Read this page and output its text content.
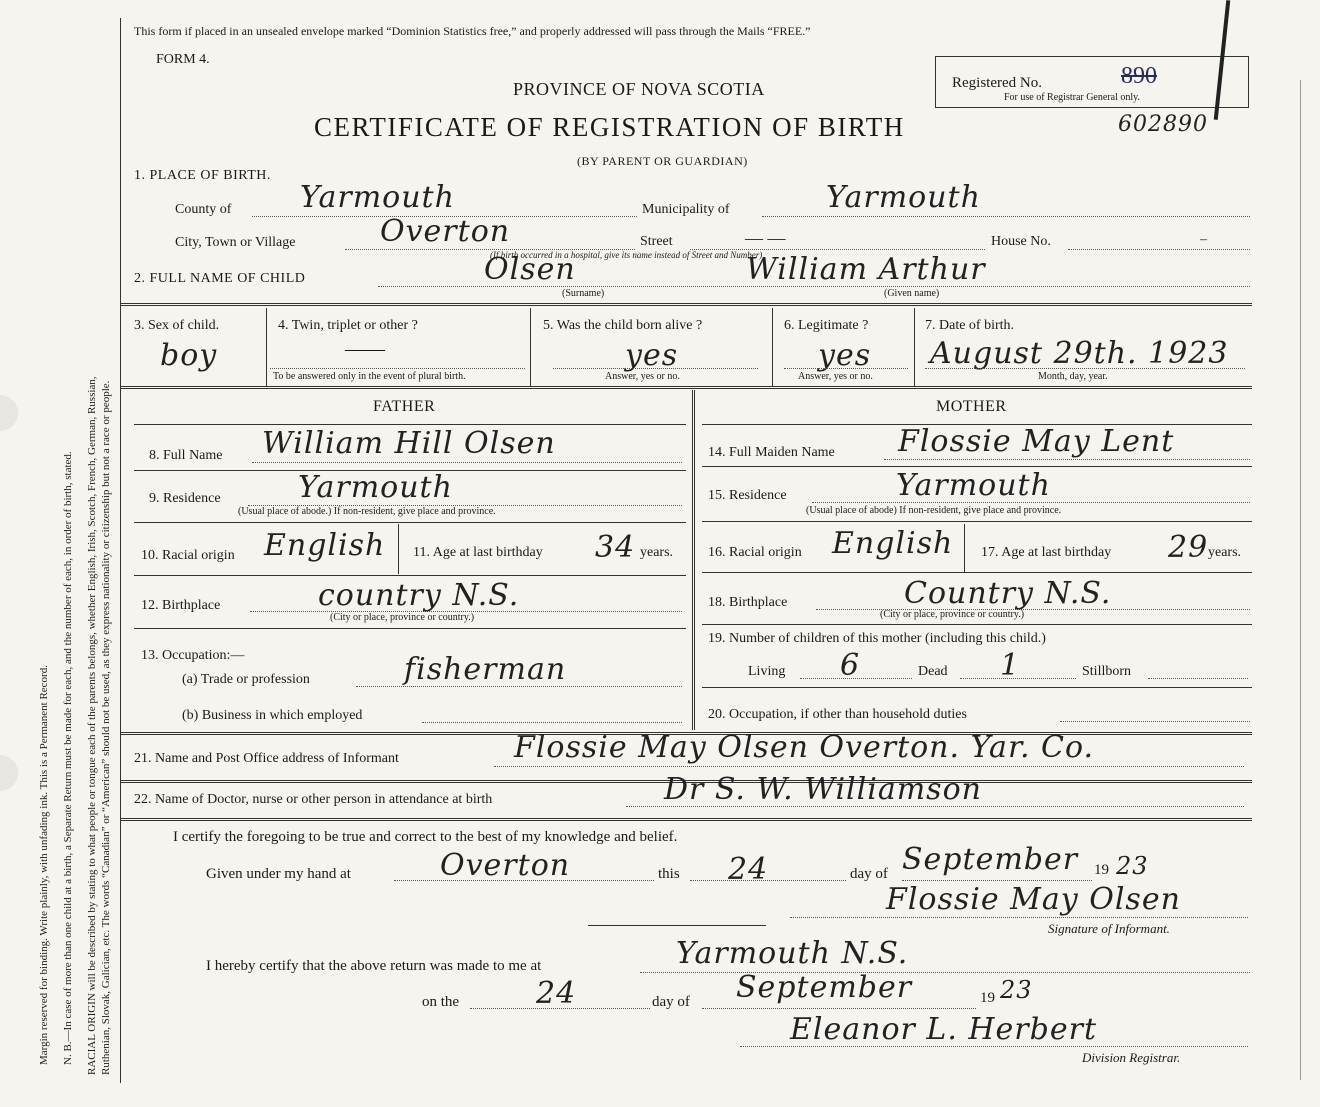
RACIAL ORIGIN will be described by stating to what people or tongue each of the parents belongs, whether English, Irish, Scotch, French, German, Russian, Ruthenian, Slovak, Galician, etc. The words “Canadian” or “American” should not be used, as they express nationality or citizenship but not a race or people.
N. B.—In case of more than one child at a birth, a Separate Return must be made for each, and the number of each, in order of birth, stated.
Margin reserved for binding. Write plainly, with unfading ink. This is a Permanent Record.
This form if placed in an unsealed envelope marked “Dominion Statistics free,” and properly addressed will pass through the Mails “FREE.”
FORM 4.
PROVINCE OF NOVA SCOTIA
CERTIFICATE OF REGISTRATION OF BIRTH
(BY PARENT OR GUARDIAN)
Registered No.	890
For use of Registrar General only.
602890
1. PLACE OF BIRTH.
County of Yarmouth	Municipality of	Yarmouth
City, Town or Village	Overton	Street	— —	House No.	–
(If birth occurred in a hospital, give its name instead of Street and Number)
2. FULL NAME OF CHILD	Olsen	William Arthur
(Surname)	(Given name)
3. Sex of child.
boy
4. Twin, triplet or other ?
——
To be answered only in the event of plural birth.
5. Was the child born alive ?
yes
Answer, yes or no.
6. Legitimate ?
yes
Answer, yes or no.
7. Date of birth.
August 29th. 1923
Month, day, year.
FATHER	MOTHER
8. Full Name William Hill Olsen
9. Residence	Yarmouth
(Usual place of abode.) If non-resident, give place and province.
10. Racial origin English 11. Age at last birthday 34 years.
12. Birthplace	country N.S.
(City or place, province or country.)
13. Occupation:—
(a) Trade or profession	fisherman
(b) Business in which employed
14. Full Maiden Name Flossie May Lent
15. Residence	Yarmouth
(Usual place of abode) If non-resident, give place and province.
16. Racial origin English 17. Age at last birthday 29 years.
18. Birthplace	Country N.S.
(City or place, province or country.)
19. Number of children of this mother (including this child.)
Living 6	Dead 1	Stillborn
20. Occupation, if other than household duties
21. Name and Post Office address of Informant	Flossie May Olsen Overton. Yar. Co.
22. Name of Doctor, nurse or other person in attendance at birth	Dr S. W. Williamson
I certify the foregoing to be true and correct to the best of my knowledge and belief.
Given under my hand at	Overton	this 24	day of September 19 23
Flossie May Olsen
Signature of Informant.
I hereby certify that the above return was made to me at	Yarmouth N.S.
on the	24	day of September	19 23
Eleanor L. Herbert
Division Registrar.
